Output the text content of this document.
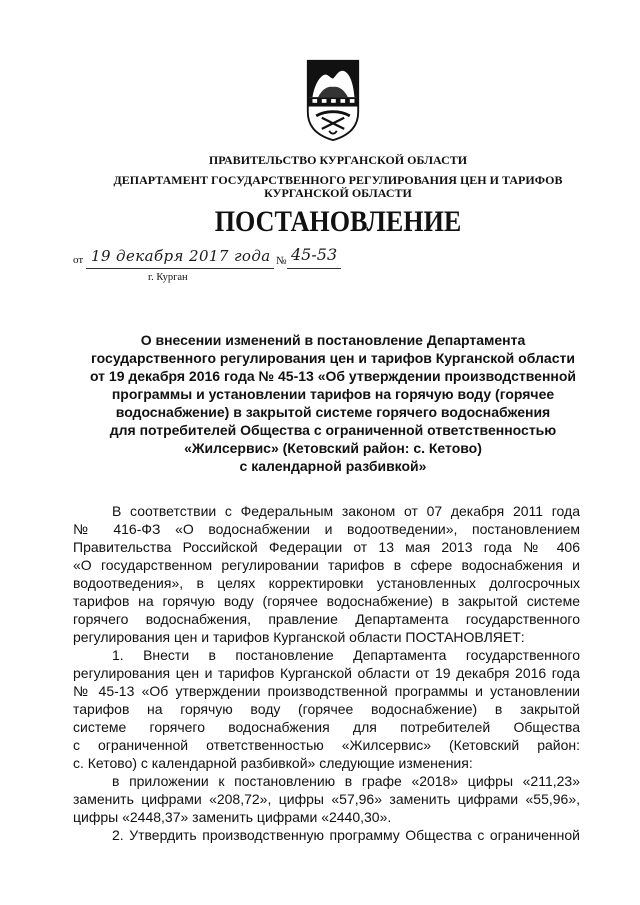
ПРАВИТЕЛЬСТВО КУРГАНСКОЙ ОБЛАСТИ
ДЕПАРТАМЕНТ ГОСУДАРСТВЕННОГО РЕГУЛИРОВАНИЯ ЦЕН И ТАРИФОВ
КУРГАНСКОЙ ОБЛАСТИ
ПОСТАНОВЛЕНИЕ
от 19 декабря 2017 года № 45-53
г. Курган
О внесении изменений в постановление Департамента
государственного регулирования цен и тарифов Курганской области
от 19 декабря 2016 года № 45-13 «Об утверждении производственной
программы и установлении тарифов на горячую воду (горячее
водоснабжение) в закрытой системе горячего водоснабжения
для потребителей Общества с ограниченной ответственностью
«Жилсервис» (Кетовский район: с. Кетово)
с календарной разбивкой»
В соответствии с Федеральным законом от 07 декабря 2011 года
№ 416-ФЗ «О водоснабжении и водоотведении», постановлением
Правительства Российской Федерации от 13 мая 2013 года № 406
«О государственном регулировании тарифов в сфере водоснабжения и
водоотведения», в целях корректировки установленных долгосрочных
тарифов на горячую воду (горячее водоснабжение) в закрытой системе
горячего водоснабжения, правление Департамента государственного
регулирования цен и тарифов Курганской области ПОСТАНОВЛЯЕТ:
1. Внести в постановление Департамента государственного
регулирования цен и тарифов Курганской области от 19 декабря 2016 года
№ 45-13 «Об утверждении производственной программы и установлении
тарифов на горячую воду (горячее водоснабжение) в закрытой
системе горячего водоснабжения для потребителей Общества
с ограниченной ответственностью «Жилсервис» (Кетовский район:
с. Кетово) с календарной разбивкой» следующие изменения:
в приложении к постановлению в графе «2018» цифры «211,23»
заменить цифрами «208,72», цифры «57,96» заменить цифрами «55,96»,
цифры «2448,37» заменить цифрами «2440,30».
2. Утвердить производственную программу Общества с ограниченной
